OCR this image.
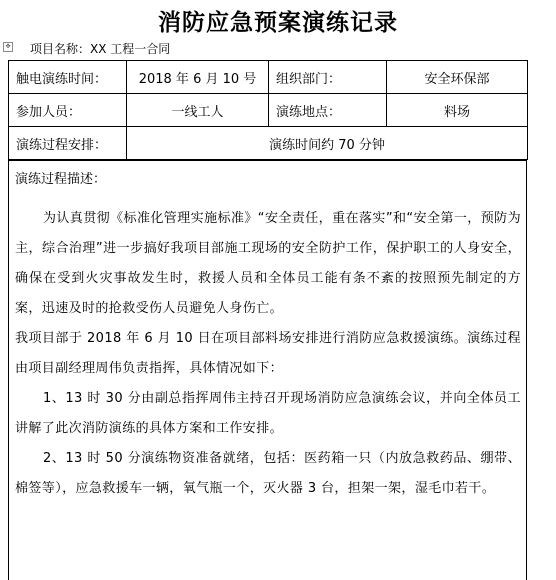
消防应急预案演练记录
✥ 项目名称：XX 工程一合同
触电演练时间：	2018 年 6 月 10 号	组织部门：	安全环保部
参加人员：	一线工人	演练地点：	料场
演练过程安排：	演练时间约 70 分钟		
演练过程描述：

为认真贯彻《标准化管理实施标准》“安全责任，重在落实”和“安全第一，预防为主，综合治理”进一步搞好我项目部施工现场的安全防护工作，保护职工的人身安全，确保在受到火灾事故发生时，救援人员和全体员工能有条不紊的按照预先制定的方案，迅速及时的抢救受伤人员避免人身伤亡。

我项目部于 2018 年 6 月 10 日在项目部料场安排进行消防应急救援演练。演练过程由项目副经理周伟负责指挥，具体情况如下：

1、13 时 30 分由副总指挥周伟主持召开现场消防应急演练会议，并向全体员工讲解了此次消防演练的具体方案和工作安排。

2、13 时 50 分演练物资准备就绪，包括：医药箱一只（内放急救药品、绷带、棉签等），应急救援车一辆，氧气瓶一个，灭火器 3 台，担架一架，湿毛巾若干。
